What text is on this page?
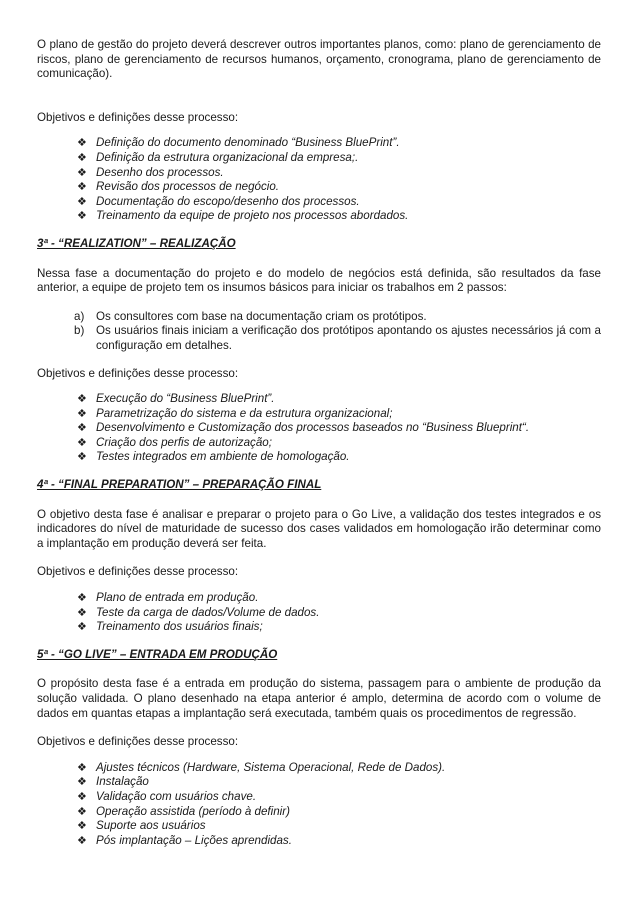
O plano de gestão do projeto deverá descrever outros importantes planos, como: plano de gerenciamento de riscos, plano de gerenciamento de recursos humanos, orçamento, cronograma, plano de gerenciamento de comunicação).

Objetivos e definições desse processo:

❖ Definição do documento denominado “Business BluePrint”.
❖ Definição da estrutura organizacional da empresa;.
❖ Desenho dos processos.
❖ Revisão dos processos de negócio.
❖ Documentação do escopo/desenho dos processos.
❖ Treinamento da equipe de projeto nos processos abordados.

3ª - “REALIZATION” – REALIZAÇÃO

Nessa fase a documentação do projeto e do modelo de negócios está definida, são resultados da fase anterior, a equipe de projeto tem os insumos básicos para iniciar os trabalhos em 2 passos:

a) Os consultores com base na documentação criam os protótipos.
b) Os usuários finais iniciam a verificação dos protótipos apontando os ajustes necessários já com a configuração em detalhes.

Objetivos e definições desse processo:

❖ Execução do “Business BluePrint”.
❖ Parametrização do sistema e da estrutura organizacional;
❖ Desenvolvimento e Customização dos processos baseados no “Business Blueprint“.
❖ Criação dos perfis de autorização;
❖ Testes integrados em ambiente de homologação.

4ª - “FINAL PREPARATION” – PREPARAÇÃO FINAL

O objetivo desta fase é analisar e preparar o projeto para o Go Live, a validação dos testes integrados e os indicadores do nível de maturidade de sucesso dos cases validados em homologação irão determinar como a implantação em produção deverá ser feita.

Objetivos e definições desse processo:

❖ Plano de entrada em produção.
❖ Teste da carga de dados/Volume de dados.
❖ Treinamento dos usuários finais;

5ª - “GO LIVE” – ENTRADA EM PRODUÇÃO

O propósito desta fase é a entrada em produção do sistema, passagem para o ambiente de produção da solução validada. O plano desenhado na etapa anterior é amplo, determina de acordo com o volume de dados em quantas etapas a implantação será executada, também quais os procedimentos de regressão.

Objetivos e definições desse processo:

❖ Ajustes técnicos (Hardware, Sistema Operacional, Rede de Dados).
❖ Instalação
❖ Validação com usuários chave.
❖ Operação assistida (período à definir)
❖ Suporte aos usuários
❖ Pós implantação – Lições aprendidas.
